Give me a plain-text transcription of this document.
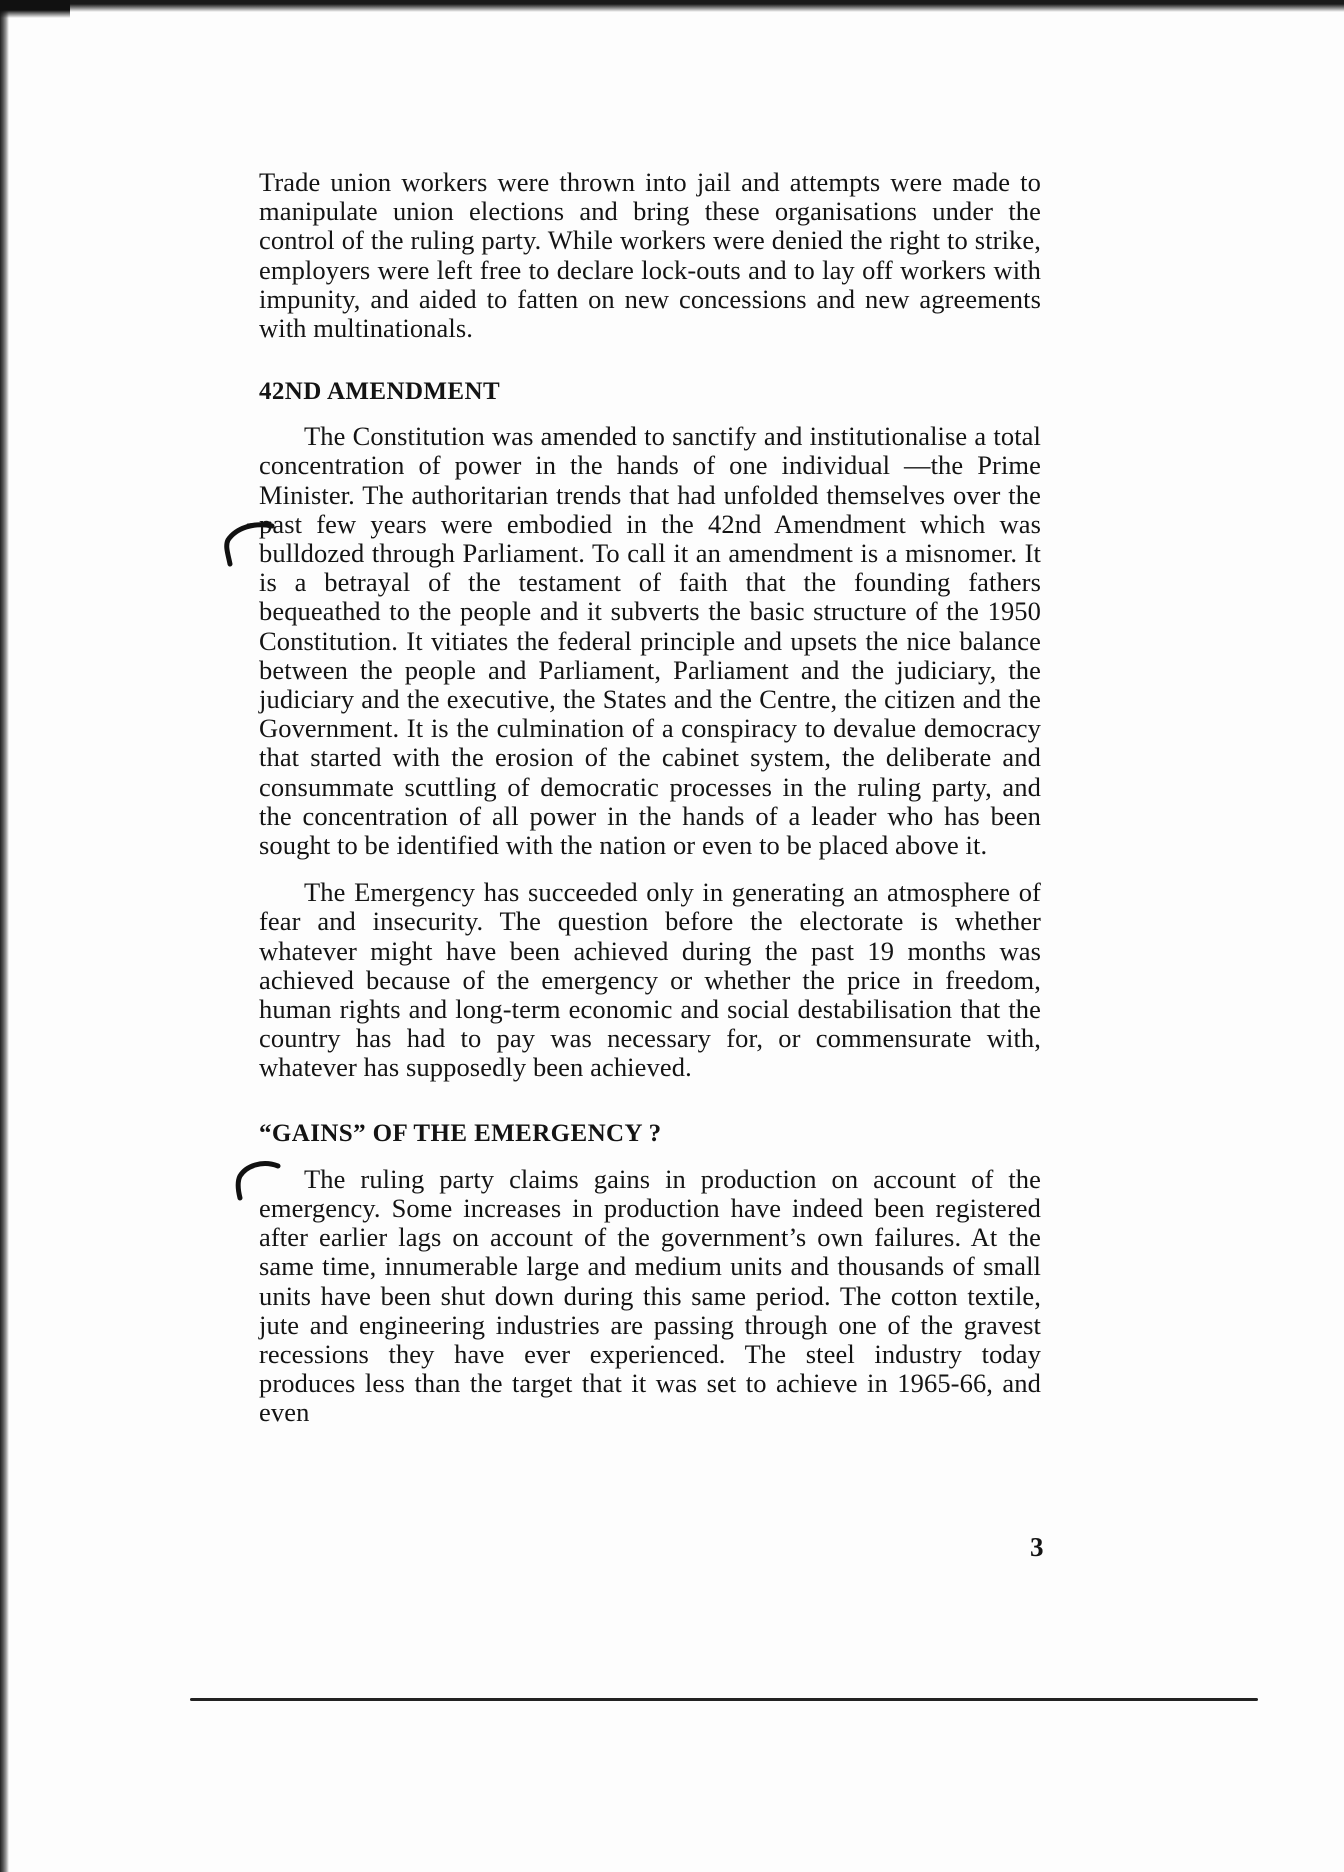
Trade union workers were thrown into jail and attempts were made to manipulate union elections and bring these organisations under the control of the ruling party. While workers were denied the right to strike, employers were left free to declare lock-outs and to lay off workers with impunity, and aided to fatten on new concessions and new agreements with multinationals.

42ND AMENDMENT

The Constitution was amended to sanctify and institutionalise a total concentration of power in the hands of one individual —the Prime Minister. The authoritarian trends that had unfolded themselves over the past few years were embodied in the 42nd Amendment which was bulldozed through Parliament. To call it an amendment is a misnomer. It is a betrayal of the testament of faith that the founding fathers bequeathed to the people and it subverts the basic structure of the 1950 Constitution. It vitiates the federal principle and upsets the nice balance between the people and Parliament, Parliament and the judiciary, the judiciary and the executive, the States and the Centre, the citizen and the Government. It is the culmination of a conspiracy to devalue democracy that started with the erosion of the cabinet system, the deliberate and consummate scuttling of democratic processes in the ruling party, and the concentration of all power in the hands of a leader who has been sought to be identified with the nation or even to be placed above it.

The Emergency has succeeded only in generating an atmosphere of fear and insecurity. The question before the electorate is whether whatever might have been achieved during the past 19 months was achieved because of the emergency or whether the price in freedom, human rights and long-term economic and social destabilisation that the country has had to pay was necessary for, or commensurate with, whatever has supposedly been achieved.

“GAINS” OF THE EMERGENCY ?

The ruling party claims gains in production on account of the emergency. Some increases in production have indeed been registered after earlier lags on account of the government’s own failures. At the same time, innumerable large and medium units and thousands of small units have been shut down during this same period. The cotton textile, jute and engineering industries are passing through one of the gravest recessions they have ever experienced. The steel industry today produces less than the target that it was set to achieve in 1965-66, and even

3
